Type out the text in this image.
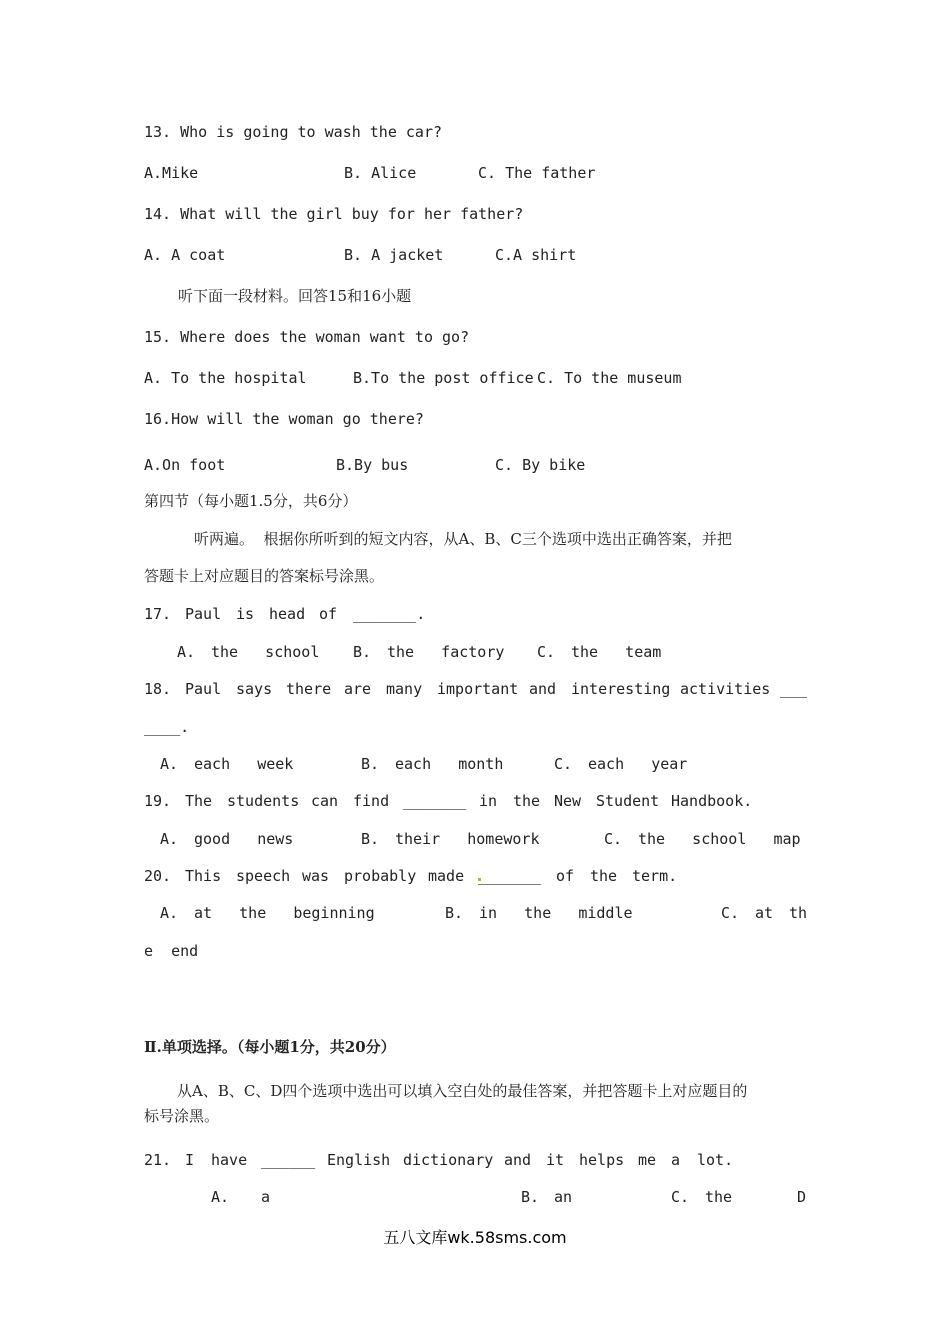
13. Who is going to wash the car?
A.Mike	B. Alice	C. The father
14. What will the girl buy for her father?
A. A coat	B. A jacket	C.A shirt
听下面一段材料。回答15和16小题
15. Where does the woman want to go?
A. To the hospital	B.To the post office C. To the museum
16.How will the woman go there?
A.On foot	B.By bus	C. By bike
第四节（每小题1.5分，共6分）
听两遍。  根据你所听到的短文内容，从A、B、C三个选项中选出正确答案，并把
答题卡上对应题目的答案标号涂黑。
17. Paul is head of _______.
A. the   school B. the   factory C. the   team
18. Paul says there are many important and interesting activities ___
____.
A. each   week	B. each   month	C. each   year
19. The students can find _______ in the New Student Handbook.
A. good   news	B. their   homework	C. the   school   map
20. This speech was probably made _______ of the term.
A. at   the   beginning	B. in   the   middle	C. at th
e  end
Ⅱ.单项选择。（每小题1分，共20分）
从A、B、C、D四个选项中选出可以填入空白处的最佳答案，并把答题卡上对应题目的
标号涂黑。
21. I have ______ English dictionary and it helps me a lot.
A. a	B. an	C. the	D
五八文库wk.58sms.com
